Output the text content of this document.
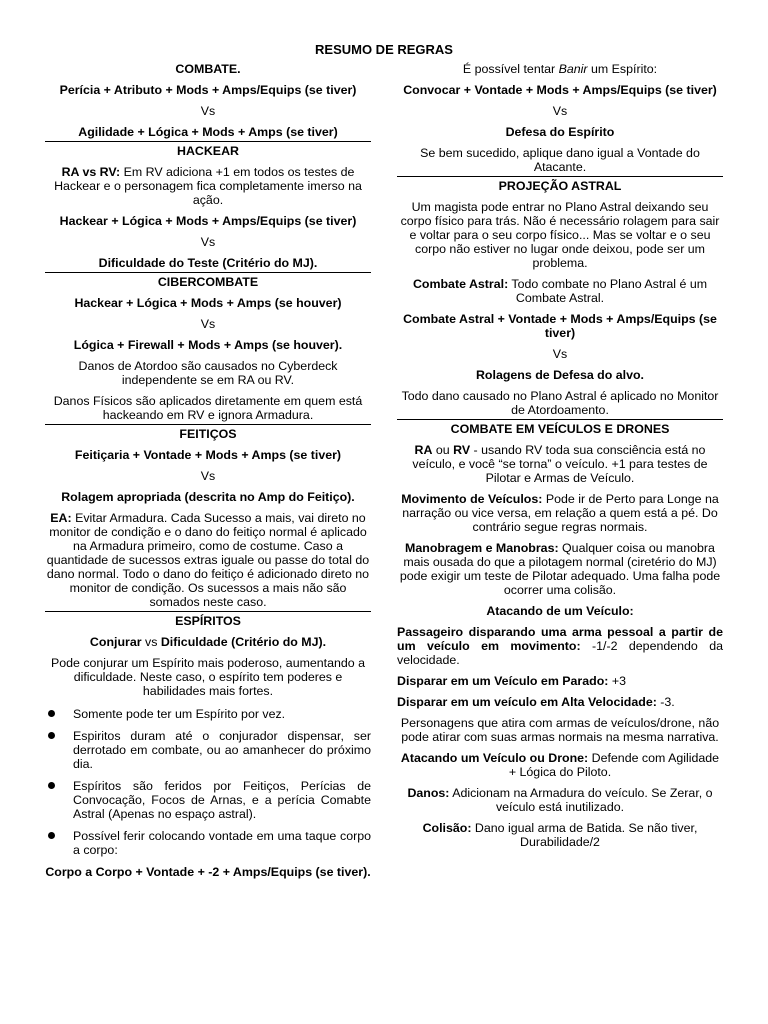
RESUMO DE REGRAS
COMBATE.

Perícia + Atributo + Mods + Amps/Equips (se tiver)

Vs

Agilidade + Lógica + Mods + Amps (se tiver)

HACKEAR

RA vs RV: Em RV adiciona +1 em todos os testes de Hackear e o personagem fica completamente imerso na ação.

Hackear + Lógica + Mods + Amps/Equips (se tiver)

Vs

Dificuldade do Teste (Critério do MJ).

CIBERCOMBATE

Hackear + Lógica + Mods + Amps (se houver)

Vs

Lógica + Firewall + Mods + Amps (se houver).

Danos de Atordoo são causados no Cyberdeck independente se em RA ou RV.

Danos Físicos são aplicados diretamente em quem está hackeando em RV e ignora Armadura.

FEITIÇOS

Feitiçaria + Vontade + Mods + Amps (se tiver)

Vs

Rolagem apropriada (descrita no Amp do Feitiço).

EA: Evitar Armadura. Cada Sucesso a mais, vai direto no monitor de condição e o dano do feitiço normal é aplicado na Armadura primeiro, como de costume. Caso a quantidade de sucessos extras iguale ou passe do total do dano normal. Todo o dano do feitiço é adicionado direto no monitor de condição. Os sucessos a mais não são somados neste caso.

ESPÍRITOS

Conjurar vs Dificuldade (Critério do MJ).

Pode conjurar um Espírito mais poderoso, aumentando a dificuldade. Neste caso, o espírito tem poderes e habilidades mais fortes.

Somente pode ter um Espírito por vez.
Espiritos duram até o conjurador dispensar, ser derrotado em combate, ou ao amanhecer do próximo dia.
Espíritos são feridos por Feitiços, Perícias de Convocação, Focos de Arnas, e a perícia Comabte Astral (Apenas no espaço astral).
Possível ferir colocando vontade em uma taque corpo a corpo:

Corpo a Corpo + Vontade + -2 + Amps/Equips (se tiver).

É possível tentar Banir um Espírito:

Convocar + Vontade + Mods + Amps/Equips (se tiver)

Vs

Defesa do Espírito

Se bem sucedido, aplique dano igual a Vontade do Atacante.

PROJEÇÃO ASTRAL

Um magista pode entrar no Plano Astral deixando seu corpo físico para trás. Não é necessário rolagem para sair e voltar para o seu corpo físico... Mas se voltar e o seu corpo não estiver no lugar onde deixou, pode ser um problema.

Combate Astral: Todo combate no Plano Astral é um Combate Astral.

Combate Astral + Vontade + Mods + Amps/Equips (se tiver)

Vs

Rolagens de Defesa do alvo.

Todo dano causado no Plano Astral é aplicado no Monitor de Atordoamento.

COMBATE EM VEÍCULOS E DRONES

RA ou RV - usando RV toda sua consciência está no veículo, e você “se torna” o veículo. +1 para testes de Pilotar e Armas de Veículo.

Movimento de Veículos: Pode ir de Perto para Longe na narração ou vice versa, em relação a quem está a pé. Do contrário segue regras normais.

Manobragem e Manobras: Qualquer coisa ou manobra mais ousada do que a pilotagem normal (ciretério do MJ) pode exigir um teste de Pilotar adequado. Uma falha pode ocorrer uma colisão.

Atacando de um Veículo:

Passageiro disparando uma arma pessoal a partir de um veículo em movimento: -1/-2 dependendo da velocidade.

Disparar em um Veículo em Parado: +3

Disparar em um veículo em Alta Velocidade: -3.

Personagens que atira com armas de veículos/drone, não pode atirar com suas armas normais na mesma narrativa.

Atacando um Veículo ou Drone: Defende com Agilidade + Lógica do Piloto.

Danos: Adicionam na Armadura do veículo. Se Zerar, o veículo está inutilizado.

Colisão: Dano igual arma de Batida. Se não tiver, Durabilidade/2
